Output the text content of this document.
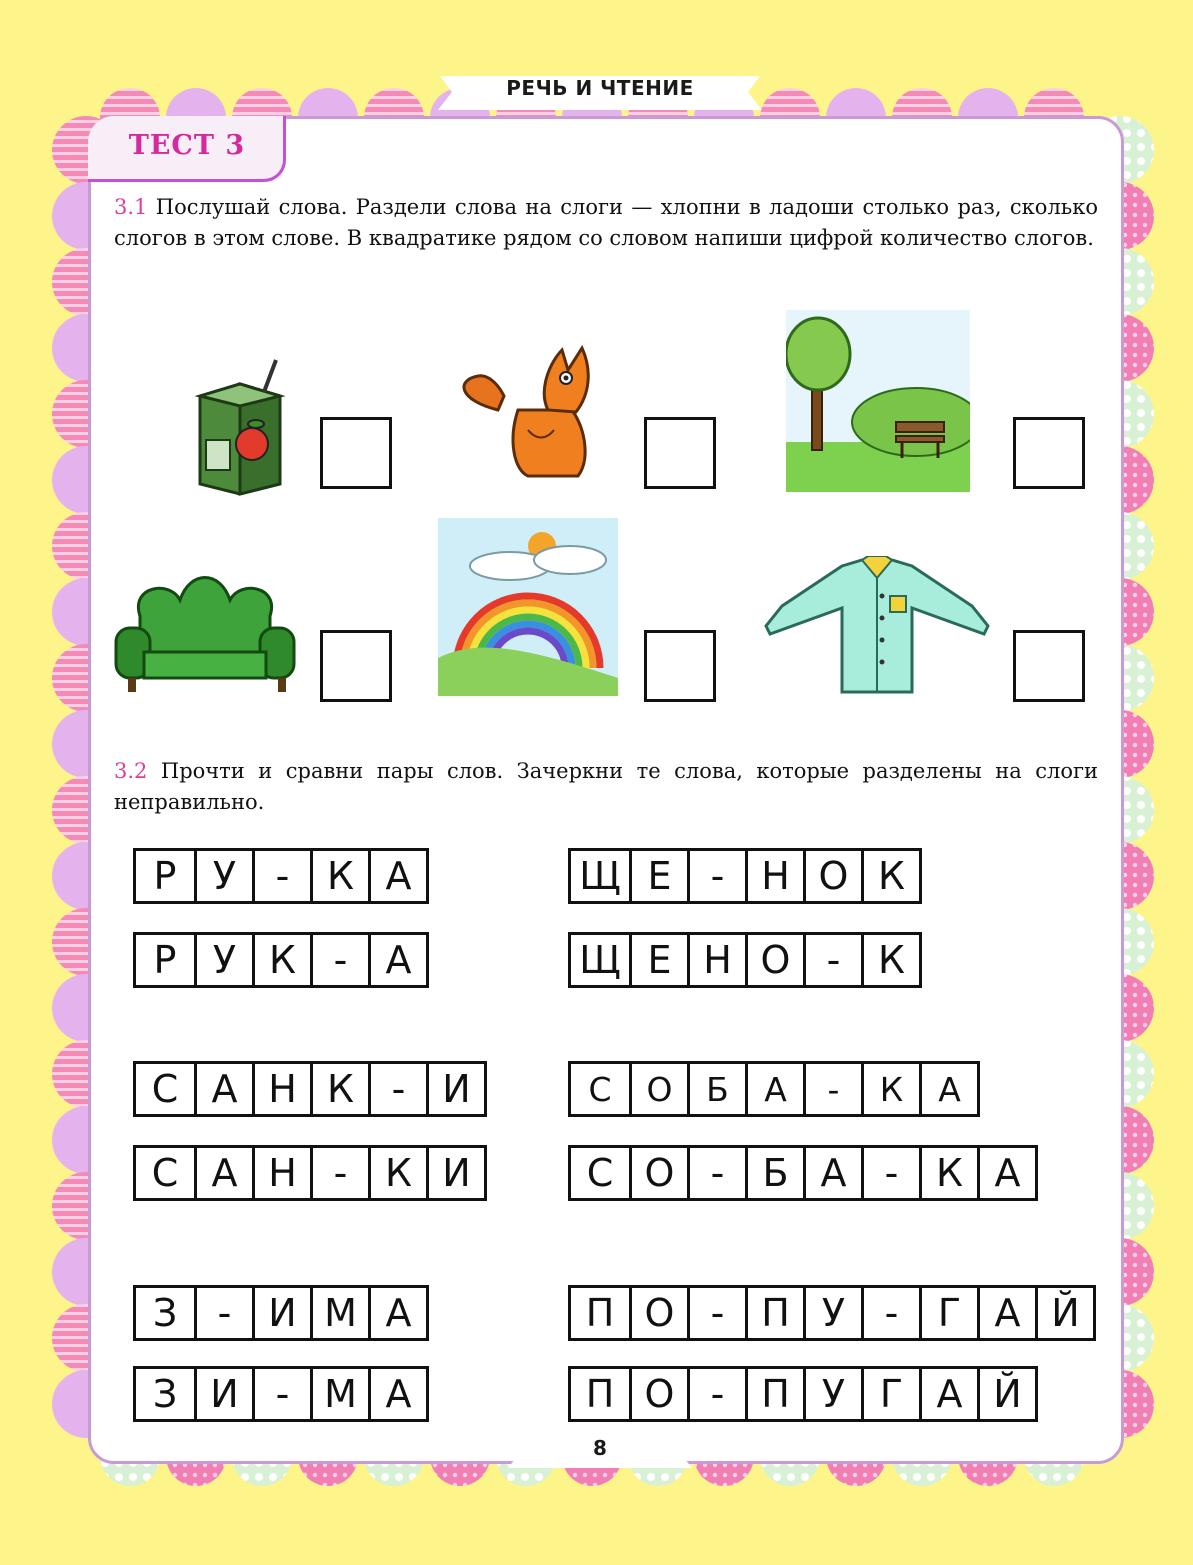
РЕЧЬ И ЧТЕНИЕ
ТЕСТ 3
3.1 Послушай слова. Раздели слова на слоги — хлопни в ладоши столько раз, сколько слогов в этом слове. В квадратике рядом со словом напиши цифрой количество слогов.
3.2 Прочти и сравни пары слов. Зачеркни те слова, которые разделены на слоги неправильно.
Р У	- К А
Р У К -	А
Щ Е	- Н О К
Щ Е Н О - К
С А Н К - И
С А Н - К И
С	О	Б	А	-	К	А
С О -	Б А	- К А
З	- И М А
З И - М А
П О - П У	-	Г А Й
П О - П У Г А Й
8
